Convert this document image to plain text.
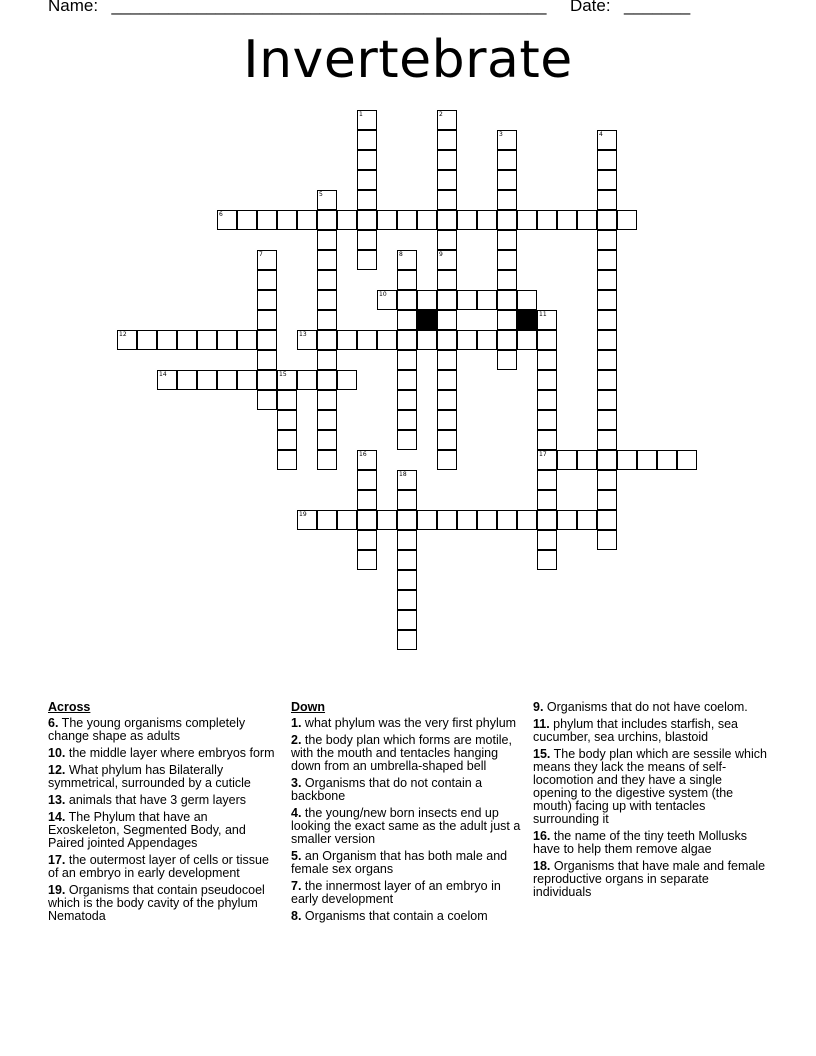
Name: ______________________________________________ Date: _______
Invertebrate
1	2
3	4
5
6
7	8	9
10
11
17
12	13
14	15
16
18
19
Across
6. The young organisms completely change shape as adults
10. the middle layer where embryos form
12. What phylum has Bilaterally symmetrical, surrounded by a cuticle
13. animals that have 3 germ layers
14. The Phylum that have an Exoskeleton, Segmented Body, and Paired jointed Appendages
17. the outermost layer of cells or tissue of an embryo in early development
19. Organisms that contain pseudocoel which is the body cavity of the phylum Nematoda
Down
1. what phylum was the very first phylum
2. the body plan which forms are motile, with the mouth and tentacles hanging down from an umbrella-shaped bell
3. Organisms that do not contain a backbone
4. the young/new born insects end up looking the exact same as the adult just a smaller version
5. an Organism that has both male and female sex organs
7. the innermost layer of an embryo in early development
8. Organisms that contain a coelom
9. Organisms that do not have coelom.
11. phylum that includes starfish, sea cucumber, sea urchins, blastoid
15. The body plan which are sessile which means they lack the means of self-locomotion and they have a single opening to the digestive system (the mouth) facing up with tentacles surrounding it
16. the name of the tiny teeth Mollusks have to help them remove algae
18. Organisms that have male and female reproductive organs in separate individuals
